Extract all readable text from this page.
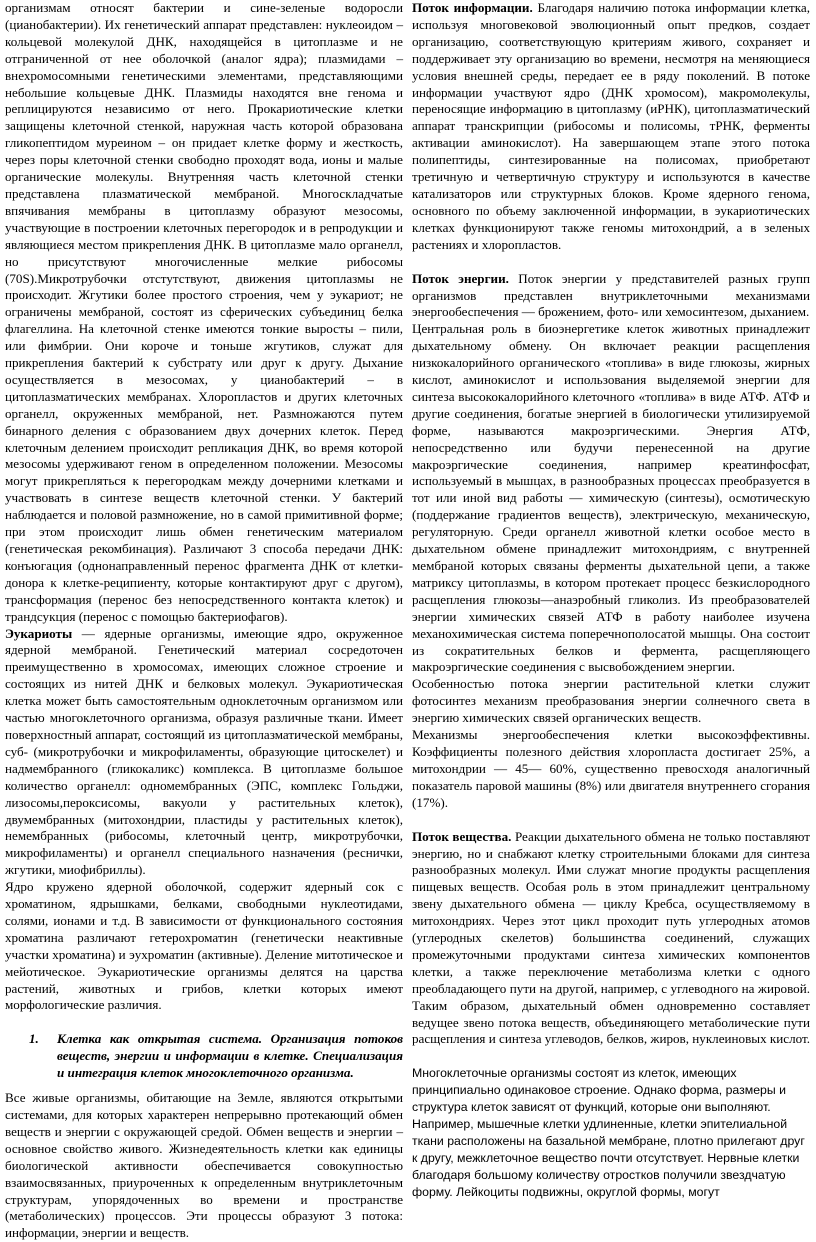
организмам относят бактерии и сине-зеленые водоросли (цианобактерии). Их генетический аппарат представлен: нуклеоидом – кольцевой молекулой ДНК, находящейся в цитоплазме и не отграниченной от нее оболочкой (аналог ядра); плазмидами – внехромосомными генетическими элементами, представляющими небольшие кольцевые ДНК. Плазмиды находятся вне генома и реплицируются независимо от него. Прокариотические клетки защищены клеточной стенкой, наружная часть которой образована гликопептидом муреином – он придает клетке форму и жесткость, через поры клеточной стенки свободно проходят вода, ионы и малые органические молекулы. Внутренняя часть клеточной стенки представлена плазматической мембраной. Многоскладчатые впячивания мембраны в цитоплазму образуют мезосомы, участвующие в построении клеточных перегородок и в репродукции и являющиеся местом прикрепления ДНК. В цитоплазме мало органелл, но присутствуют многочисленные мелкие рибосомы (70S).Микротрубочки отстутствуют, движения цитоплазмы не происходит. Жгутики более простого строения, чем у эукариот; не ограничены мембраной, состоят из сферических субъединиц белка флагеллина. На клеточной стенке имеются тонкие выросты – пили, или фимбрии. Они короче и тоньше жгутиков, служат для прикрепления бактерий к субстрату или друг к другу. Дыхание осуществляется в мезосомах, у цианобактерий – в цитоплазматических мембранах. Хлоропластов и других клеточных органелл, окруженных мембраной, нет. Размножаются путем бинарного деления с образованием двух дочерних клеток. Перед клеточным делением происходит репликация ДНК, во время которой мезосомы удерживают геном в определенном положении. Мезосомы могут прикрепляться к перегородкам между дочерними клетками и участвовать в синтезе веществ клеточной стенки. У бактерий наблюдается и половой размножение, но в самой примитивной форме; при этом происходит лишь обмен генетическим материалом (генетическая рекомбинация). Различают 3 способа передачи ДНК: конъюгация (однонаправленный перенос фрагмента ДНК от клетки-донора к клетке-реципиенту, которые контактируют друг с другом), трансформация (перенос без непосредственного контакта клеток) и трандсукция (перенос с помощью бактериофагов).

Эукариоты — ядерные организмы, имеющие ядро, окруженное ядерной мембраной. Генетический материал сосредоточен преимущественно в хромосомах, имеющих сложное строение и состоящих из нитей ДНК и белковых молекул. Эукариотическая клетка может быть самостоятельным одноклеточным организмом или частью многоклеточного организма, образуя различные ткани. Имеет поверхностный аппарат, состоящий из цитоплазматической мембраны, суб- (микротрубочки и микрофиламенты, образующие цитоскелет) и надмембранного (гликокаликс) комплекса. В цитоплазме большое количество органелл: одномембранных (ЭПС, комплекс Гольджи, лизосомы,пероксисомы, вакуоли у растительных клеток), двумембранных (митохондрии, пластиды у растительных клеток), немембранных (рибосомы, клеточный центр, микротрубочки, микрофиламенты) и органелл специального назначения (реснички, жгутики, миофибриллы).

Ядро кружено ядерной оболочкой, содержит ядерный сок с хроматином, ядрышками, белками, свободными нуклеотидами, солями, ионами и т.д. В зависимости от функционального состояния хроматина различают гетерохроматин (генетически неактивные участки хроматина) и эухроматин (активные). Деление митотическое и мейотическое. Эукариотические организмы делятся на царства растений, животных и грибов, клетки которых имеют морфологические различия.

1.	Клетка как открытая система. Организация потоков веществ, энергии и информации в клетке. Специализация и интеграция клеток многоклеточного организма.

Все живые организмы, обитающие на Земле, являются открытыми системами, для которых характерен непрерывно протекающий обмен веществ и энергии с окружающей средой. Обмен веществ и энергии – основное свойство живого. Жизнедеятельность клетки как единицы биологической активности обеспечивается совокупностью взаимосвязанных, приуроченных к определенным внутриклеточным структурам, упорядоченных во времени и пространстве (метаболических) процессов. Эти процессы образуют 3 потока: информации, энергии и веществ.

Поток информации. Благодаря наличию потока информации клетка, используя многовековой эволюционный опыт предков, создает организацию, соответствующую критериям живого, сохраняет и поддерживает эту организацию во времени, несмотря на меняющиеся условия внешней среды, передает ее в ряду поколений. В потоке информации участвуют ядро (ДНК хромосом), макромолекулы, переносящие информацию в цитоплазму (иРНК), цитоплазматический аппарат транскрипции (рибосомы и полисомы, тРНК, ферменты активации аминокислот). На завершающем этапе этого потока полипептиды, синтезированные на полисомах, приобретают третичную и четвертичную структуру и используются в качестве катализаторов или структурных блоков. Кроме ядерного генома, основного по объему заключенной информации, в эукариотических клетках функционируют также геномы митохондрий, а в зеленых растениях и хлоропластов.

Поток энергии. Поток энергии у представителей разных групп организмов представлен внутриклеточными механизмами энергообеспечения — брожением, фото- или хемосинтезом, дыханием.

Центральная роль в биоэнергетике клеток животных принадлежит дыхательному обмену. Он включает реакции расщепления низкокалорийного органического «топлива» в виде глюкозы, жирных кислот, аминокислот и использования выделяемой энергии для синтеза высококалорийного клеточного «топлива» в виде АТФ. АТФ и другие соединения, богатые энергией в биологически утилизируемой форме, называются макроэргическими. Энергия АТФ, непосредственно или будучи перенесенной на другие макроэргические соединения, например креатинфосфат, используемый в мышцах, в разнообразных процессах преобразуется в тот или иной вид работы — химическую (синтезы), осмотическую (поддержание градиентов веществ), электрическую, механическую, регуляторную. Среди органелл животной клетки особое место в дыхательном обмене принадлежит митохондриям, с внутренней мембраной которых связаны ферменты дыхательной цепи, а также матриксу цитоплазмы, в котором протекает процесс безкислородного расщепления глюкозы—анаэробный гликолиз. Из преобразователей энергии химических связей АТФ в работу наиболее изучена механохимическая система поперечнополосатой мышцы. Она состоит из сократительных белков и фермента, расщепляющего макроэргические соединения с высвобождением энергии.

Особенностью потока энергии растительной клетки служит фотосинтез механизм преобразования энергии солнечного света в энергию химических связей органических веществ.

Механизмы энергообеспечения клетки высокоэффективны. Коэффициенты полезного действия хлоропласта достигает 25%, а митохондрии — 45— 60%, существенно превосходя аналогичный показатель паровой машины (8%) или двигателя внутреннего сгорания (17%).

Поток вещества. Реакции дыхательного обмена не только поставляют энергию, но и снабжают клетку строительными блоками для синтеза разнообразных молекул. Ими служат многие продукты расщепления пищевых веществ. Особая роль в этом принадлежит центральному звену дыхательного обмена — циклу Кребса, осуществляемому в митохондриях. Через этот цикл проходит путь углеродных атомов (углеродных скелетов) большинства соединений, служащих промежуточными продуктами синтеза химических компонентов клетки, а также переключение метаболизма клетки с одного преобладающего пути на другой, например, с углеводного на жировой. Таким образом, дыхательный обмен одновременно составляет ведущее звено потока веществ, объединяющего метаболические пути расщепления и синтеза углеводов, белков, жиров, нуклеиновых кислот.

Многоклеточные организмы состоят из клеток, имеющих принципиально одинаковое строение. Однако форма, размеры и структура клеток зависят от функций, которые они выполняют. Например, мышечные клетки удлиненные, клетки эпителиальной ткани расположены на базальной мембране, плотно прилегают друг к другу, межклеточное вещество почти отсутствует. Нервные клетки благодаря большому количеству отростков получили звездчатую форму. Лейкоциты подвижны, округлой формы, могут
